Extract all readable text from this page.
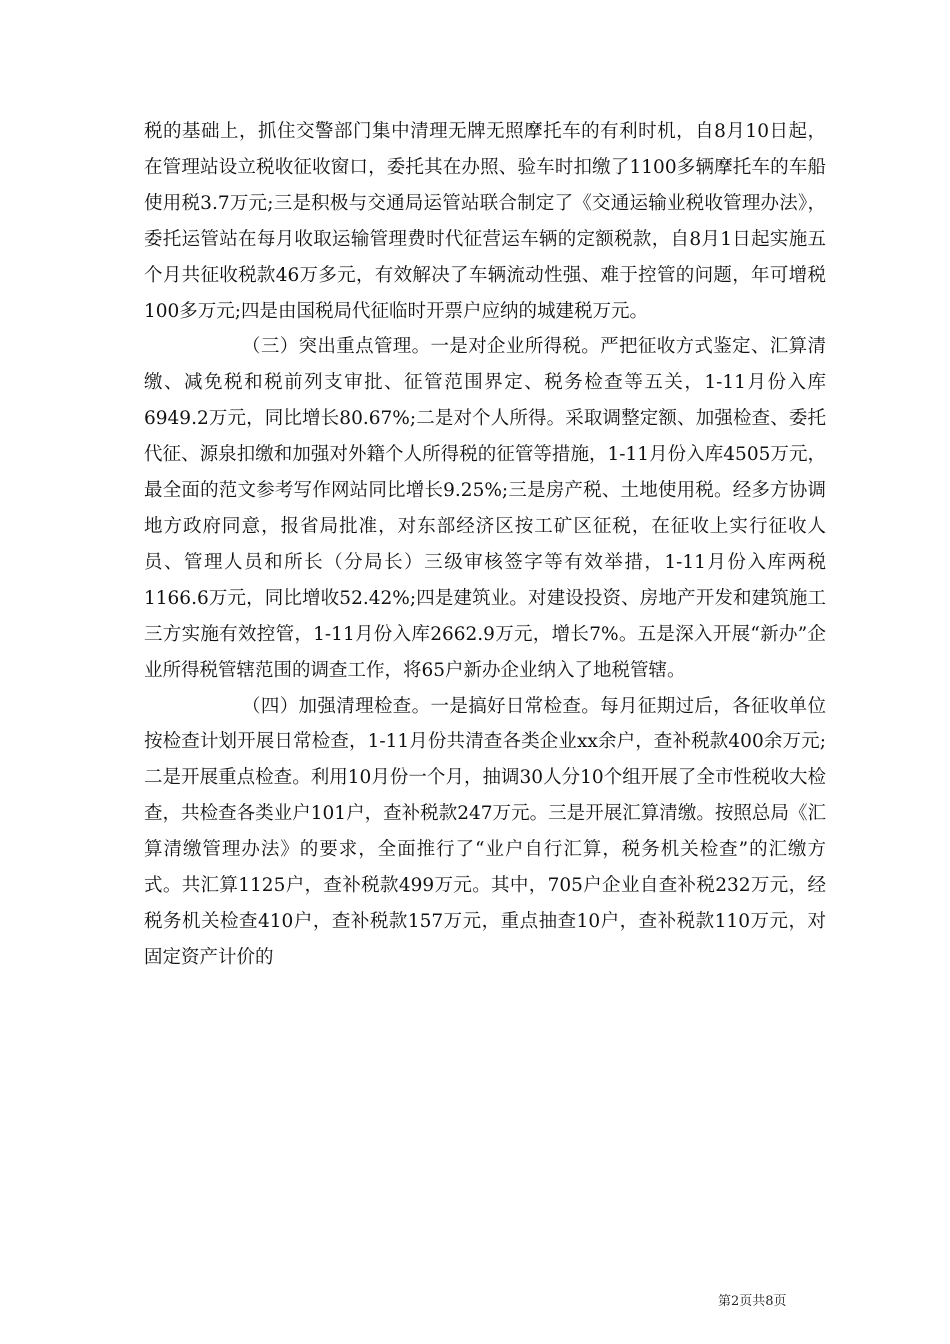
税的基础上，抓住交警部门集中清理无牌无照摩托车的有利时机，自8月10日起，在管理站设立税收征收窗口，委托其在办照、验车时扣缴了1100多辆摩托车的车船使用税3.7万元;三是积极与交通局运管站联合制定了《交通运输业税收管理办法》，委托运管站在每月收取运输管理费时代征营运车辆的定额税款，自8月1日起实施五个月共征收税款46万多元，有效解决了车辆流动性强、难于控管的问题，年可增税100多万元;四是由国税局代征临时开票户应纳的城建税万元。

（三）突出重点管理。一是对企业所得税。严把征收方式鉴定、汇算清缴、减免税和税前列支审批、征管范围界定、税务检查等五关，1-11月份入库6949.2万元，同比增长80.67%;二是对个人所得。采取调整定额、加强检查、委托代征、源泉扣缴和加强对外籍个人所得税的征管等措施，1-11月份入库4505万元，最全面的范文参考写作网站同比增长9.25%;三是房产税、土地使用税。经多方协调地方政府同意，报省局批准，对东部经济区按工矿区征税，在征收上实行征收人员、管理人员和所长（分局长）三级审核签字等有效举措，1-11月份入库两税1166.6万元，同比增收52.42%;四是建筑业。对建设投资、房地产开发和建筑施工三方实施有效控管，1-11月份入库2662.9万元，增长7%。五是深入开展“新办”企业所得税管辖范围的调查工作，将65户新办企业纳入了地税管辖。

（四）加强清理检查。一是搞好日常检查。每月征期过后，各征收单位按检查计划开展日常检查，1-11月份共清查各类企业xx余户，查补税款400余万元;二是开展重点检查。利用10月份一个月，抽调30人分10个组开展了全市性税收大检查，共检查各类业户101户，查补税款247万元。三是开展汇算清缴。按照总局《汇算清缴管理办法》的要求，全面推行了“业户自行汇算，税务机关检查”的汇缴方式。共汇算1125户，查补税款499万元。其中，705户企业自查补税232万元，经税务机关检查410户，查补税款157万元，重点抽查10户，查补税款110万元，对固定资产计价的

第2页共8页
